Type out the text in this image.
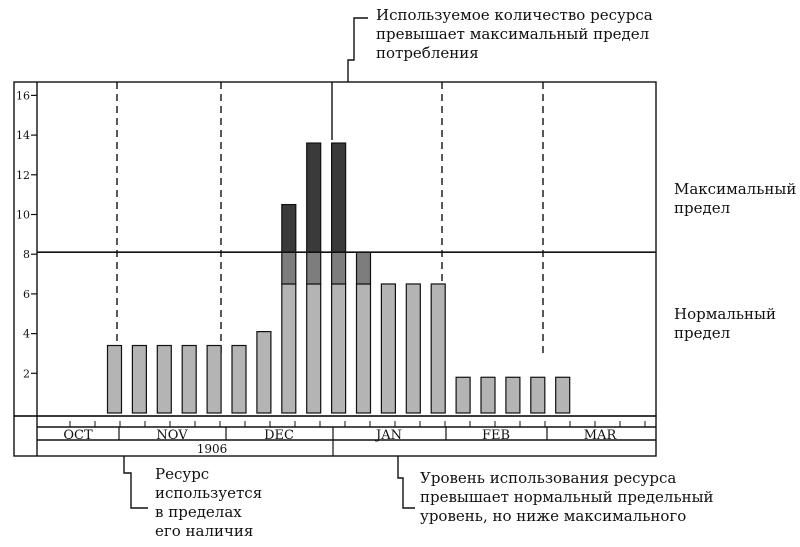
2
4
6
8
10
12
14
16
OCT	NOV	DEC	JAN	FEB	MAR
1906
Используемое количество ресурса
превышает максимальный предел
потребления
Максимальный
предел
Нормальный
предел
Ресурс
используется
в пределах
его наличия
Уровень использования ресурса
превышает нормальный предельный
уровень, но ниже максимального
